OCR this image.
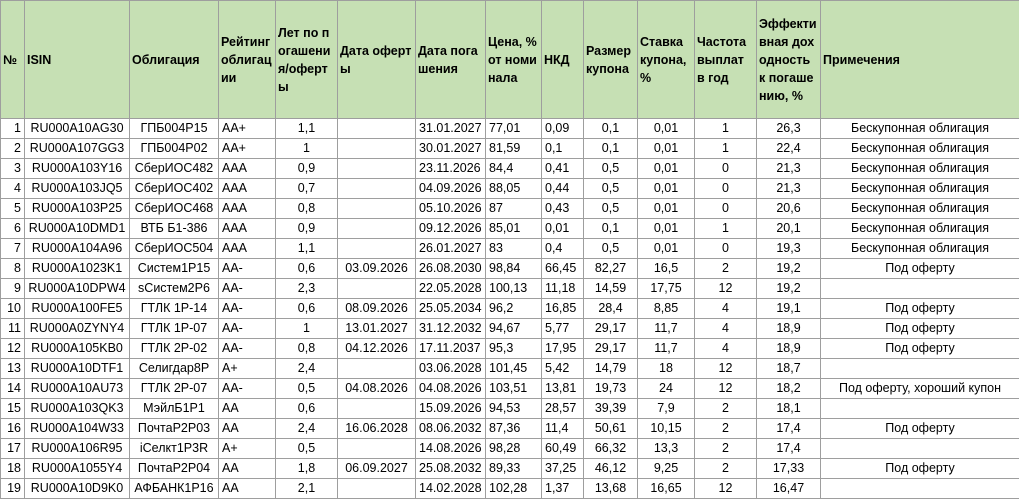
№	ISIN	Облигация	Рейтинг облигации	Лет по погашения/оферты	Дата оферты	Дата погашения	Цена, % от номинала	НКД	Размер купона	Ставка купона, %	Частота выплат в год	Эффективная доходность к погашению, %	Примечения
1	RU000A10AG30	ГПБ004Р15	AA+	1,1		31.01.2027	77,01	0,09	0,1	0,01	1	26,3	Бескупонная облигация
2	RU000A107GG3	ГПБ004Р02	AA+	1		30.01.2027	81,59	0,1	0,1	0,01	1	22,4	Бескупонная облигация
3	RU000A103Y16	СберИОС482	AAA	0,9		23.11.2026	84,4	0,41	0,5	0,01	0	21,3	Бескупонная облигация
4	RU000A103JQ5	СберИОС402	AAA	0,7		04.09.2026	88,05	0,44	0,5	0,01	0	21,3	Бескупонная облигация
5	RU000A103P25	СберИОС468	AAA	0,8		05.10.2026	87	0,43	0,5	0,01	0	20,6	Бескупонная облигация
6	RU000A10DMD1	ВТБ Б1-386	AAA	0,9		09.12.2026	85,01	0,01	0,1	0,01	1	20,1	Бескупонная облигация
7	RU000A104A96	СберИОС504	AAA	1,1		26.01.2027	83	0,4	0,5	0,01	0	19,3	Бескупонная облигация
8	RU000A1023K1	Систем1Р15	AA-	0,6	03.09.2026	26.08.2030	98,84	66,45	82,27	16,5	2	19,2	Под оферту
9	RU000A10DPW4	sСистем2Р6	AA-	2,3		22.05.2028	100,13	11,18	14,59	17,75	12	19,2	
10	RU000A100FE5	ГТЛК 1Р-14	AA-	0,6	08.09.2026	25.05.2034	96,2	16,85	28,4	8,85	4	19,1	Под оферту
11	RU000A0ZYNY4	ГТЛК 1Р-07	AA-	1	13.01.2027	31.12.2032	94,67	5,77	29,17	11,7	4	18,9	Под оферту
12	RU000A105KB0	ГТЛК 2Р-02	AA-	0,8	04.12.2026	17.11.2037	95,3	17,95	29,17	11,7	4	18,9	Под оферту
13	RU000A10DTF1	Селигдар8Р	A+	2,4		03.06.2028	101,45	5,42	14,79	18	12	18,7	
14	RU000A10AU73	ГТЛК 2Р-07	AA-	0,5	04.08.2026	04.08.2026	103,51	13,81	19,73	24	12	18,2	Под оферту, хороший купон
15	RU000A103QK3	МэйлБ1Р1	AA	0,6		15.09.2026	94,53	28,57	39,39	7,9	2	18,1	
16	RU000A104W33	ПочтаР2Р03	AA	2,4	16.06.2028	08.06.2032	87,36	11,4	50,61	10,15	2	17,4	Под оферту
17	RU000A106R95	iСелкт1Р3R	A+	0,5		14.08.2026	98,28	60,49	66,32	13,3	2	17,4	
18	RU000A1055Y4	ПочтаР2Р04	AA	1,8	06.09.2027	25.08.2032	89,33	37,25	46,12	9,25	2	17,33	Под оферту
19	RU000A10D9K0	АФБАНК1Р16	AA	2,1		14.02.2028	102,28	1,37	13,68	16,65	12	16,47	
